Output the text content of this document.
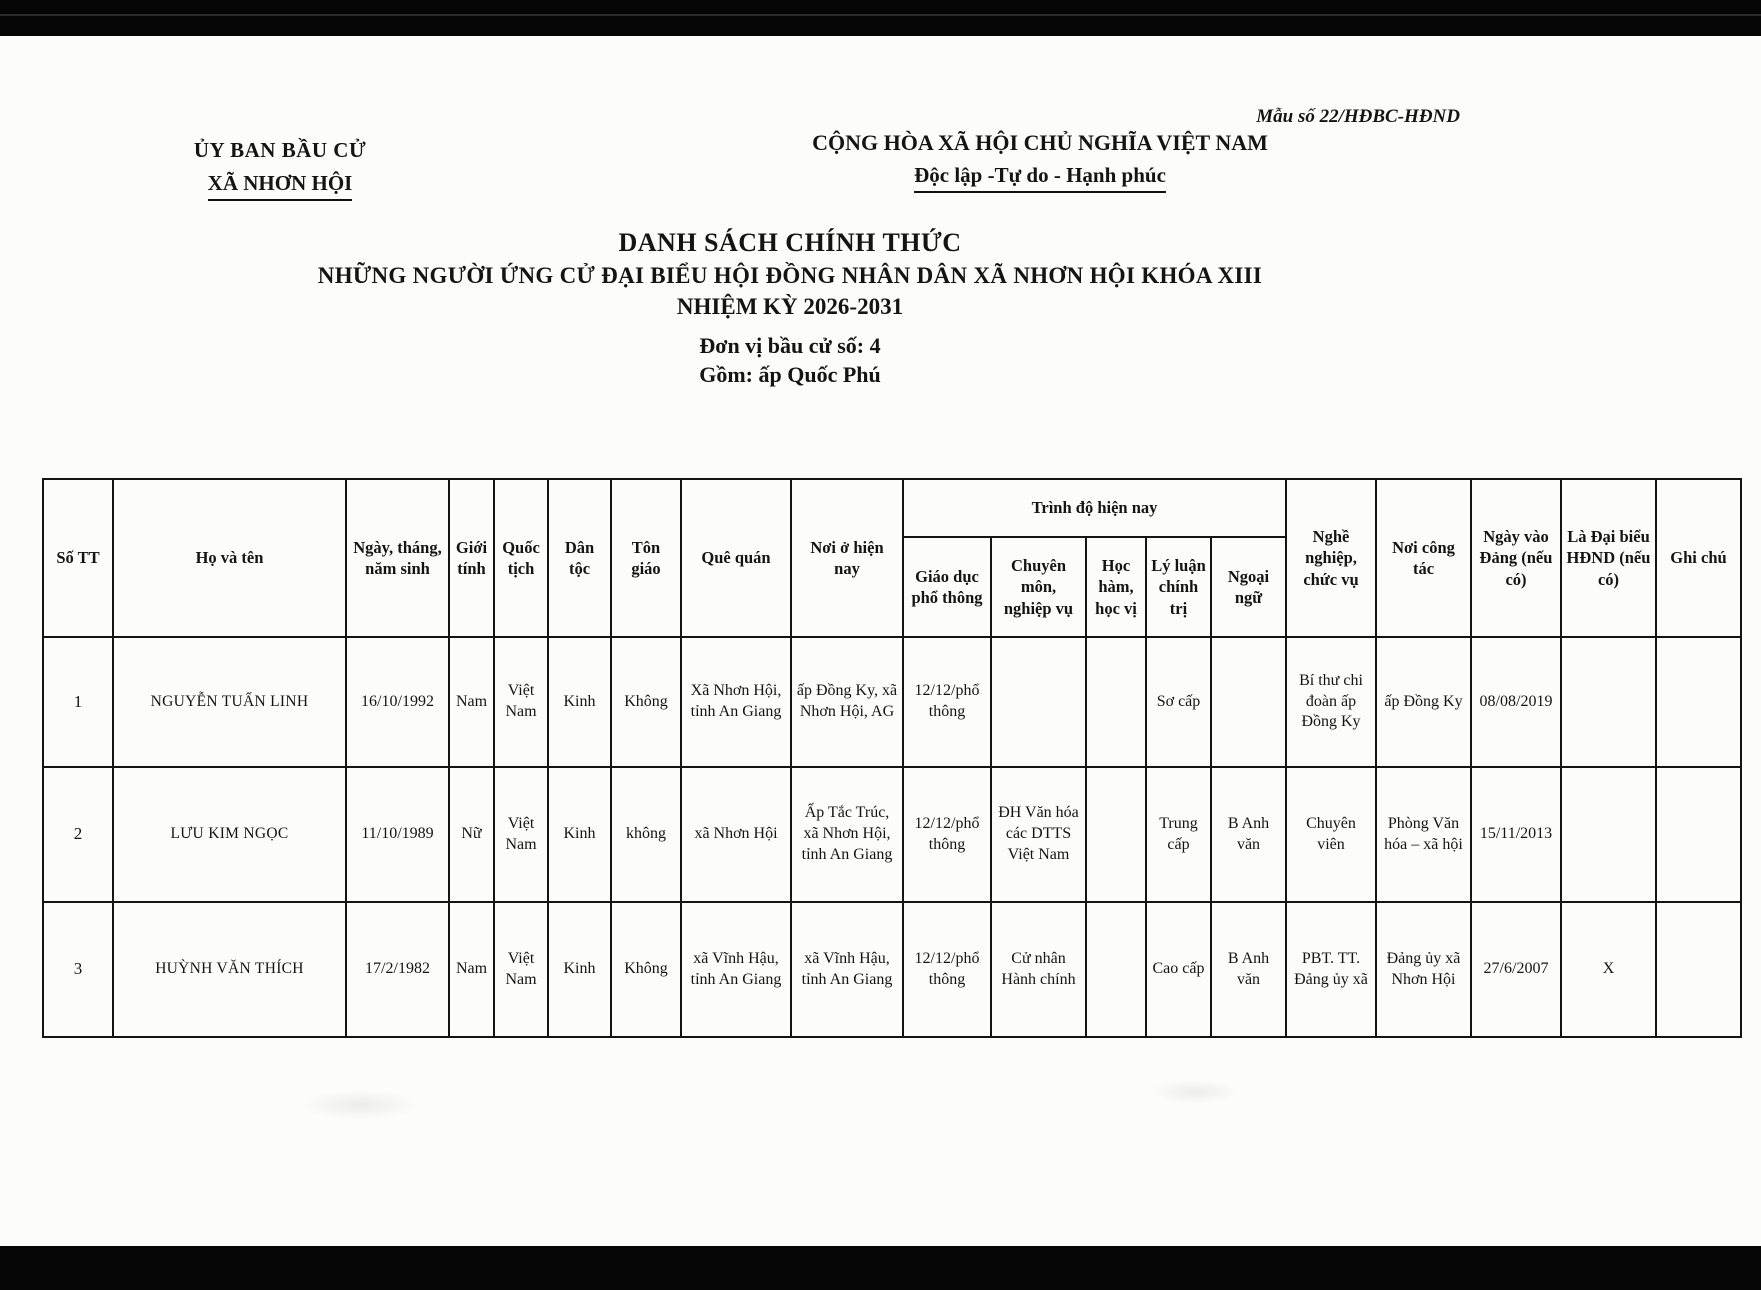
Mẫu số 22/HĐBC-HĐND
ỦY BAN BẦU CỬ
XÃ NHƠN HỘI
CỘNG HÒA XÃ HỘI CHỦ NGHĨA VIỆT NAM
Độc lập -Tự do - Hạnh phúc
DANH SÁCH CHÍNH THỨC
NHỮNG NGƯỜI ỨNG CỬ ĐẠI BIỂU HỘI ĐỒNG NHÂN DÂN XÃ NHƠN HỘI KHÓA XIII
NHIỆM KỲ 2026-2031
Đơn vị bầu cử số: 4
Gồm: ấp Quốc Phú
Số TT	Họ và tên	Ngày, tháng, năm sinh	Giới tính	Quốc tịch	Dân tộc	Tôn giáo	Quê quán	Nơi ở hiện nay	Trình độ hiện nay					Nghề nghiệp, chức vụ	Nơi công tác	Ngày vào Đảng (nếu có)	Là Đại biểu HĐND (nếu có)	Ghi chú
									Giáo dục phổ thông	Chuyên môn, nghiệp vụ	Học hàm, học vị	Lý luận chính trị	Ngoại ngữ					
1	NGUYỄN TUẤN LINH	16/10/1992	Nam	Việt Nam	Kinh	Không	Xã Nhơn Hội, tỉnh An Giang	ấp Đồng Ky, xã Nhơn Hội, AG	12/12/phổ thông			Sơ cấp		Bí thư chi đoàn ấp Đồng Ky	ấp Đồng Ky	08/08/2019		
2	LƯU KIM NGỌC	11/10/1989	Nữ	Việt Nam	Kinh	không	xã Nhơn Hội	Ấp Tắc Trúc, xã Nhơn Hội, tỉnh An Giang	12/12/phổ thông	ĐH Văn hóa các DTTS Việt Nam		Trung cấp	B Anh văn	Chuyên viên	Phòng Văn hóa – xã hội	15/11/2013		
3	HUỲNH VĂN THÍCH	17/2/1982	Nam	Việt Nam	Kinh	Không	xã Vĩnh Hậu, tỉnh An Giang	xã Vĩnh Hậu, tỉnh An Giang	12/12/phổ thông	Cử nhân Hành chính		Cao cấp	B Anh văn	PBT. TT. Đảng ủy xã	Đảng ủy xã Nhơn Hội	27/6/2007	X	
